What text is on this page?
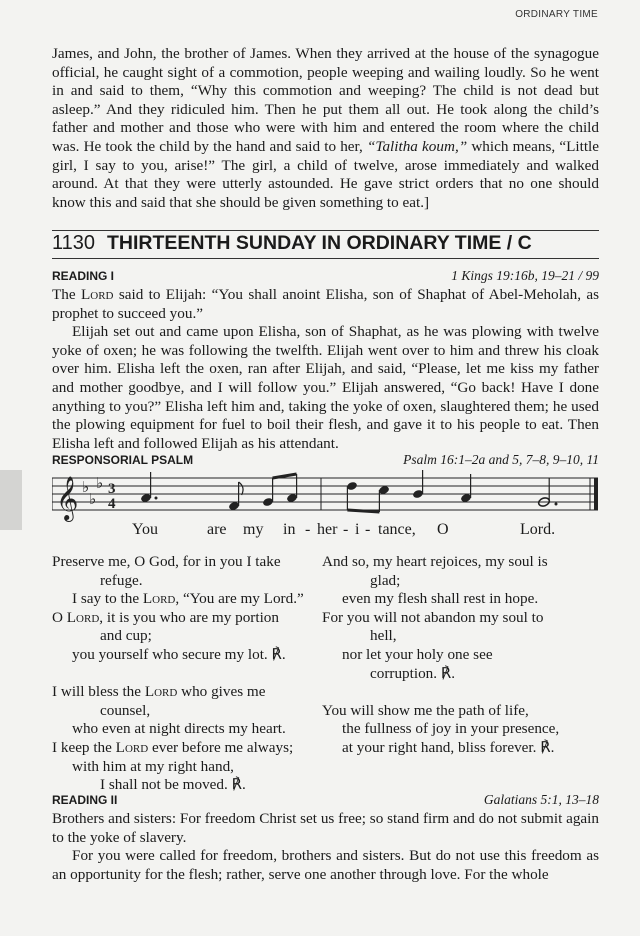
ORDINARY TIME

James, and John, the brother of James. When they arrived at the house of the synagogue official, he caught sight of a commotion, people weeping and wailing loudly. So he went in and said to them, “Why this commotion and weeping? The child is not dead but asleep.” And they ridiculed him. Then he put them all out. He took along the child’s father and mother and those who were with him and entered the room where the child was. He took the child by the hand and said to her, “Talitha koum,” which means, “Little girl, I say to you, arise!” The girl, a child of twelve, arose immediately and walked around. At that they were utterly astounded. He gave strict orders that no one should know this and said that she should be given something to eat.]

1130 THIRTEENTH SUNDAY IN ORDINARY TIME / C
READING I	1 Kings 19:16b, 19–21 / 99

The Lord said to Elijah: “You shall anoint Elisha, son of Shaphat of Abel-Meholah, as prophet to succeed you.”

Elijah set out and came upon Elisha, son of Shaphat, as he was plowing with twelve yoke of oxen; he was following the twelfth. Elijah went over to him and threw his cloak over him. Elisha left the oxen, ran after Elijah, and said, “Please, let me kiss my father and mother goodbye, and I will follow you.” Elijah answered, “Go back! Have I done anything to you?” Elisha left him and, taking the yoke of oxen, slaughtered them; he used the plowing equipment for fuel to boil their flesh, and gave it to his people to eat. Then Elisha left and followed Elijah as his attendant.

RESPONSORIAL PSALM	Psalm 16:1–2a and 5, 7–8, 9–10, 11
𝄞 ♭
♭
♭ 3
4
You	are my in - her - i - tance, O	Lord.
Preserve me, O God, for in you I take
refuge.
I say to the Lord, “You are my Lord.”
O Lord, it is you who are my portion
and cup;
you yourself who secure my lot. ℟.
I will bless the Lord who gives me
counsel,
who even at night directs my heart.
I keep the Lord ever before me always;
with him at my right hand,
I shall not be moved. ℟.
And so, my heart rejoices, my soul is
glad;
even my flesh shall rest in hope.
For you will not abandon my soul to
hell,
nor let your holy one see
corruption. ℟.
You will show me the path of life,
the fullness of joy in your presence,
at your right hand, bliss forever. ℟.
READING II	Galatians 5:1, 13–18

Brothers and sisters: For freedom Christ set us free; so stand firm and do not submit again to the yoke of slavery.

For you were called for freedom, brothers and sisters. But do not use this freedom as an opportunity for the flesh; rather, serve one another through love. For the whole
